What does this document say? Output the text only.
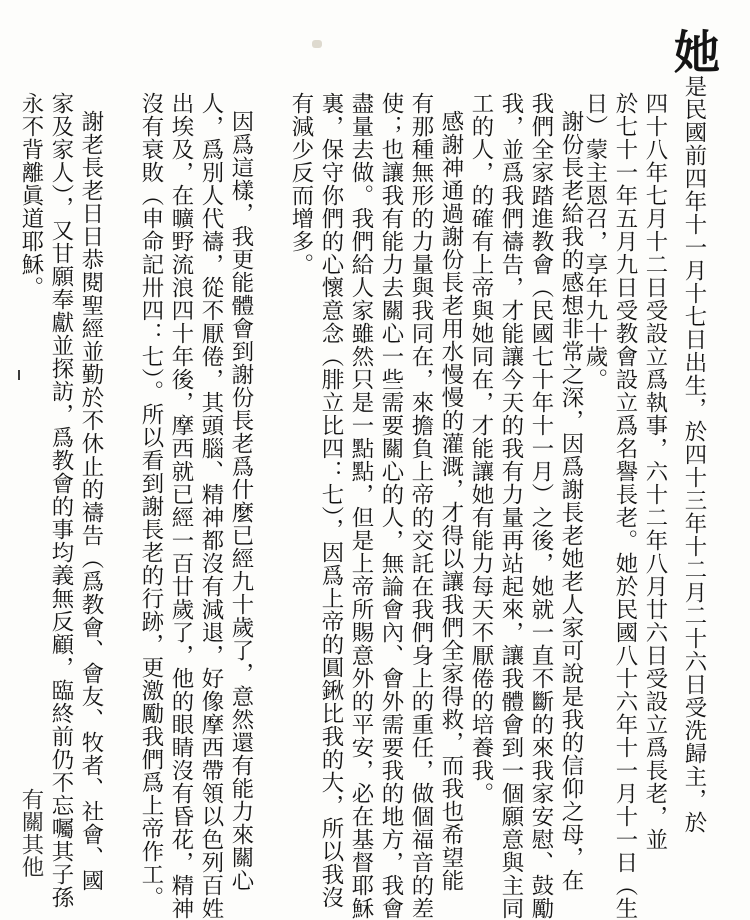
她是民國前四年十一月十七日出生，於四十三年十二月二十六日受洗歸主，於

四十八年七月十二日受設立爲執事，六十二年八月廿六日受設立爲長老，並

於七十一年五月九日受教會設立爲名譽長老。她於民國八十六年十一月十一日（生

日）蒙主恩召，享年九十歲。

謝份長老給我的感想非常之深，因爲謝長老她老人家可說是我的信仰之母，在

我們全家踏進教會（民國七十年十一月）之後，她就一直不斷的來我家安慰、鼓勵

我，並爲我們禱告，才能讓今天的我有力量再站起來，讓我體會到一個願意與主同

工的人，的確有上帝與她同在，才能讓她有能力每天不厭倦的培養我。

感謝神通過謝份長老用水慢慢的灌溉，才得以讓我們全家得救，而我也希望能

有那種無形的力量與我同在，來擔負上帝的交託在我們身上的重任，做個福音的差

使；也讓我有能力去關心一些需要關心的人，無論會內、會外需要我的地方，我會

盡量去做。我們給人家雖然只是一點點，但是上帝所賜意外的平安，必在基督耶穌

裏，保守你們的心懷意念（腓立比四：七），因爲上帝的圓鍬比我的大，所以我沒

有減少反而增多。

因爲這樣，我更能體會到謝份長老爲什麼已經九十歲了，意然還有能力來關心

人，爲別人代禱，從不厭倦，其頭腦、精神都沒有減退，好像摩西帶領以色列百姓

出埃及，在曠野流浪四十年後，摩西就已經一百廿歲了，他的眼睛沒有昏花，精神

沒有衰敗（申命記卅四：七）。所以看到謝長老的行跡，更激勵我們爲上帝作工。

謝老長老日日恭閱聖經並勤於不休止的禱告（爲教會、會友、牧者、社會、國

家及家人），又甘願奉獻並探訪，爲教會的事均義無反顧，臨終前仍不忘囑其子孫

永不背離眞道耶穌。

有關其他
